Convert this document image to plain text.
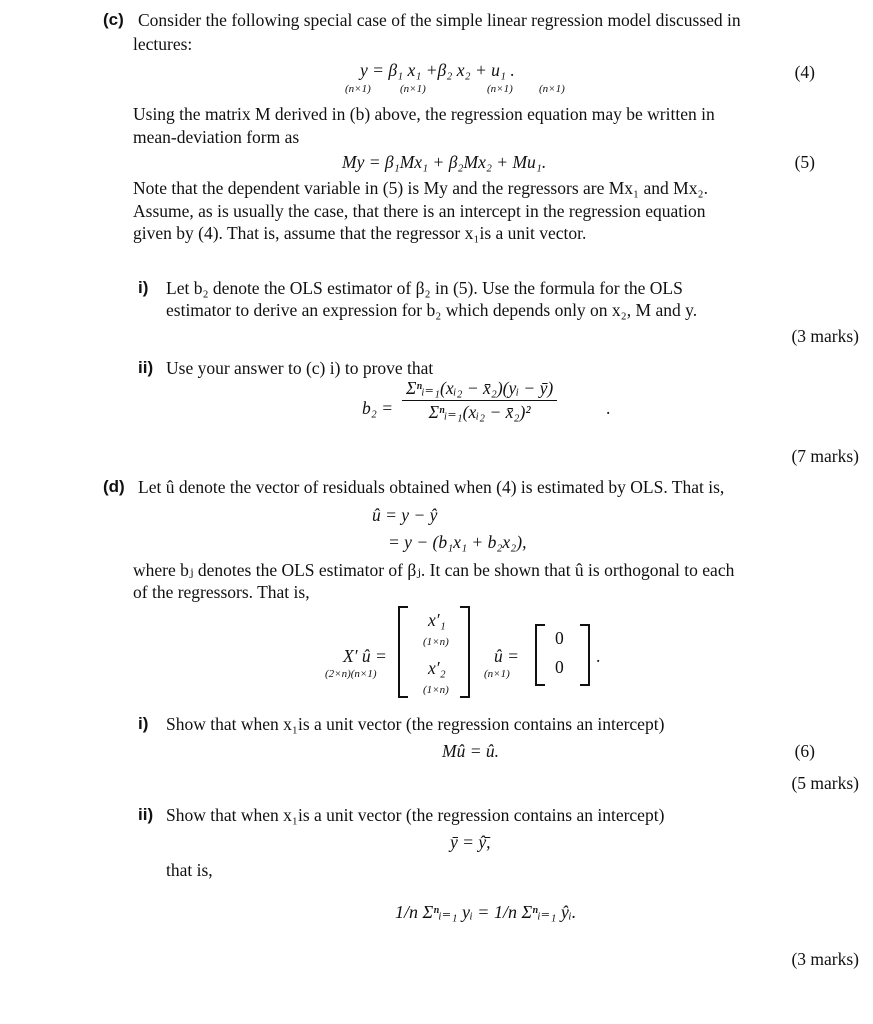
(c) Consider the following special case of the simple linear regression model discussed in
lectures:
y = β₁ x₁ +β₂ x₂ + u₁ .
(n×1)	(n×1)	(n×1) (n×1)
(4)
Using the matrix M derived in (b) above, the regression equation may be written in
mean-deviation form as
My = β₁Mx₁ + β₂Mx₂ + Mu₁.	(5)
Note that the dependent variable in (5) is My and the regressors are Mx₁ and Mx₂.
Assume, as is usually the case, that there is an intercept in the regression equation
given by (4). That is, assume that the regressor x₁is a unit vector.
i) Let b₂ denote the OLS estimator of β₂ in (5). Use the formula for the OLS
estimator to derive an expression for b₂ which depends only on x₂, M and y.
(3 marks)
ii) Use your answer to (c) i) to prove that
b₂ =
Σⁿᵢ₌₁(xᵢ₂ − x̄₂)(yᵢ − ȳ)
Σⁿᵢ₌₁(xᵢ₂ − x̄₂)²	.
(7 marks)
(d) Let û denote the vector of residuals obtained when (4) is estimated by OLS. That is,
û = y − ŷ
= y − (b₁x₁ + b₂x₂),
where bⱼ denotes the OLS estimator of βⱼ. It can be shown that û is orthogonal to each
of the regressors. That is,
X′ û =
(2×n)(n×1)
x′₁
(1×n)
x′₂
(1×n)
û =
(n×1)
0
0
.
i) Show that when x₁is a unit vector (the regression contains an intercept)
Mû = û.	(6)
(5 marks)
ii) Show that when x₁is a unit vector (the regression contains an intercept)
ȳ = ŷ̄,
that is,
1/n Σⁿᵢ₌₁ yᵢ = 1/n Σⁿᵢ₌₁ ŷᵢ.
(3 marks)
